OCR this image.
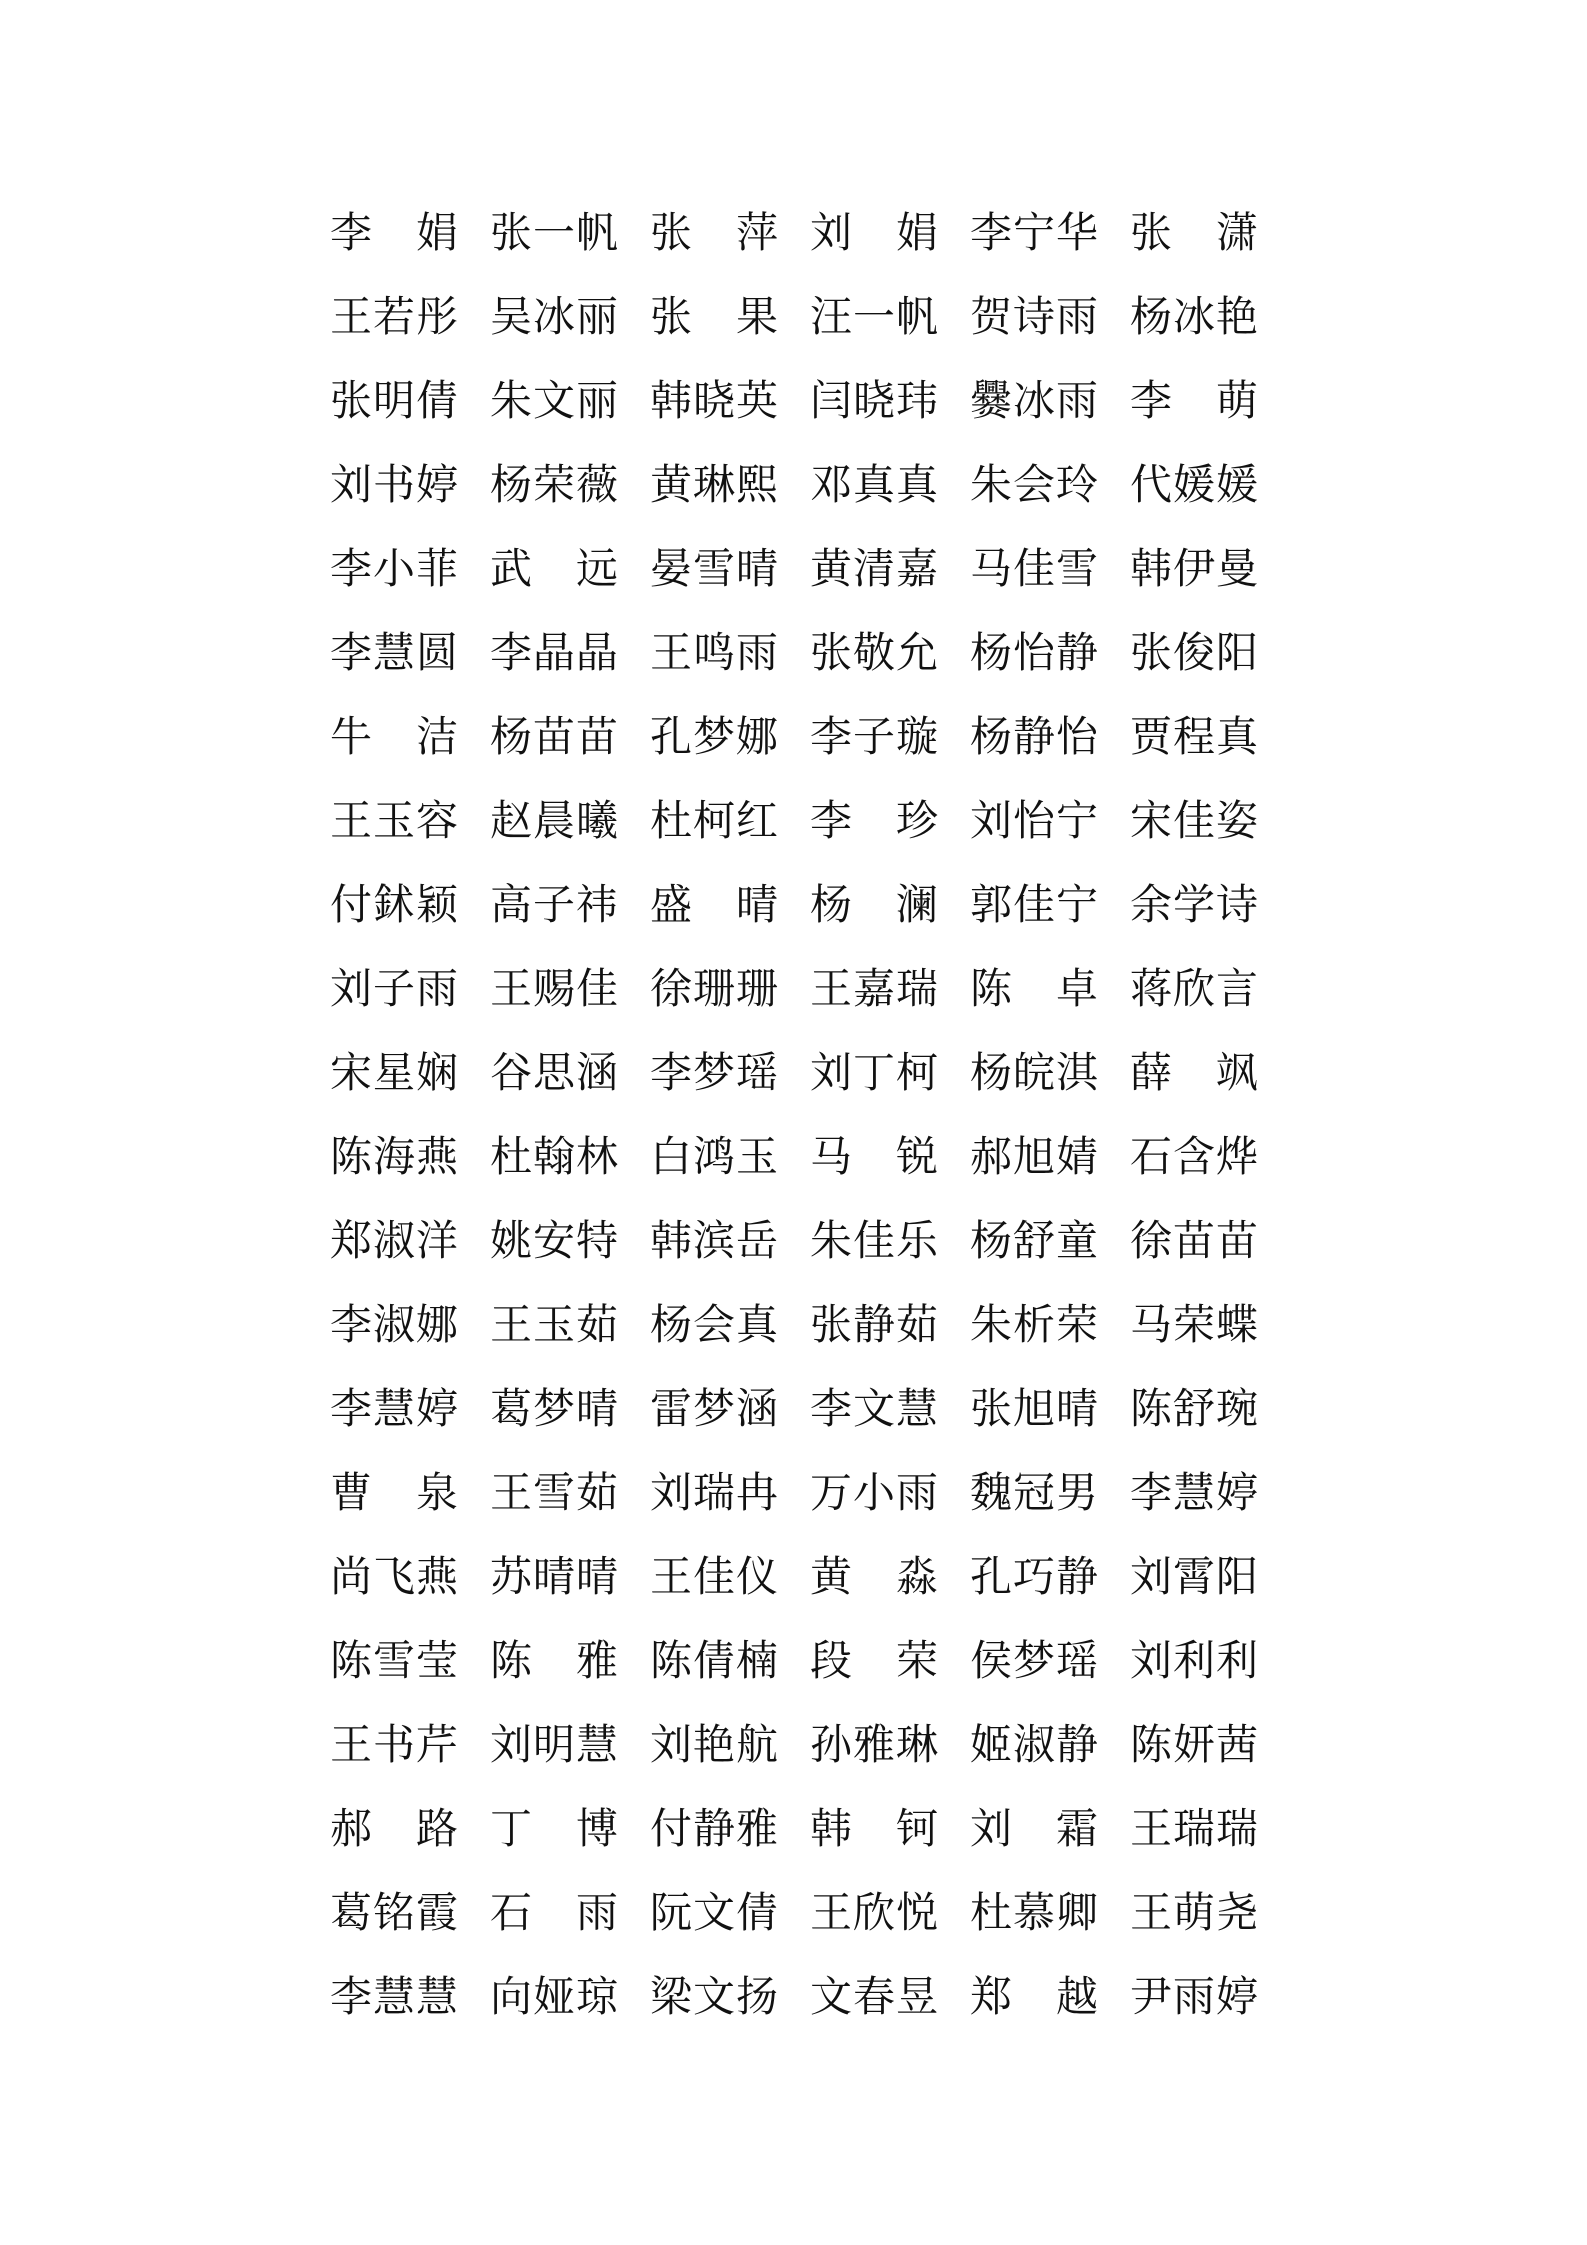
李 娟 张一帆 张 萍 刘 娟 李宁华 张 潇
王若彤 吴冰丽 张 果 汪一帆 贺诗雨 杨冰艳
张明倩 朱文丽 韩晓英 闫晓玮 爨冰雨 李 萌
刘书婷 杨荣薇 黄琳熙 邓真真 朱会玲 代媛媛
李小菲 武 远 晏雪晴 黄清嘉 马佳雪 韩伊曼
李慧圆 李晶晶 王鸣雨 张敬允 杨怡静 张俊阳
牛 洁 杨苗苗 孔梦娜 李子璇 杨静怡 贾程真
王玉容 赵晨曦 杜柯红 李 珍 刘怡宁 宋佳姿
付鉥颖 高子祎 盛 晴 杨 澜 郭佳宁 余学诗
刘子雨 王赐佳 徐珊珊 王嘉瑞 陈 卓 蒋欣言
宋星娴 谷思涵 李梦瑶 刘丁柯 杨皖淇 薛 飒
陈海燕 杜翰林 白鸿玉 马 锐 郝旭婧 石含烨
郑淑洋 姚安特 韩滨岳 朱佳乐 杨舒童 徐苗苗
李淑娜 王玉茹 杨会真 张静茹 朱析荣 马荣蝶
李慧婷 葛梦晴 雷梦涵 李文慧 张旭晴 陈舒琬
曹 泉 王雪茹 刘瑞冉 万小雨 魏冠男 李慧婷
尚飞燕 苏晴晴 王佳仪 黄 淼 孔巧静 刘霄阳
陈雪莹 陈 雅 陈倩楠 段 荣 侯梦瑶 刘利利
王书芹 刘明慧 刘艳航 孙雅琳 姬淑静 陈妍茜
郝 路 丁 博 付静雅 韩 钶 刘 霜 王瑞瑞
葛铭霞 石 雨 阮文倩 王欣悦 杜慕卿 王萌尧
李慧慧 向娅琼 梁文扬 文春昱 郑 越 尹雨婷
